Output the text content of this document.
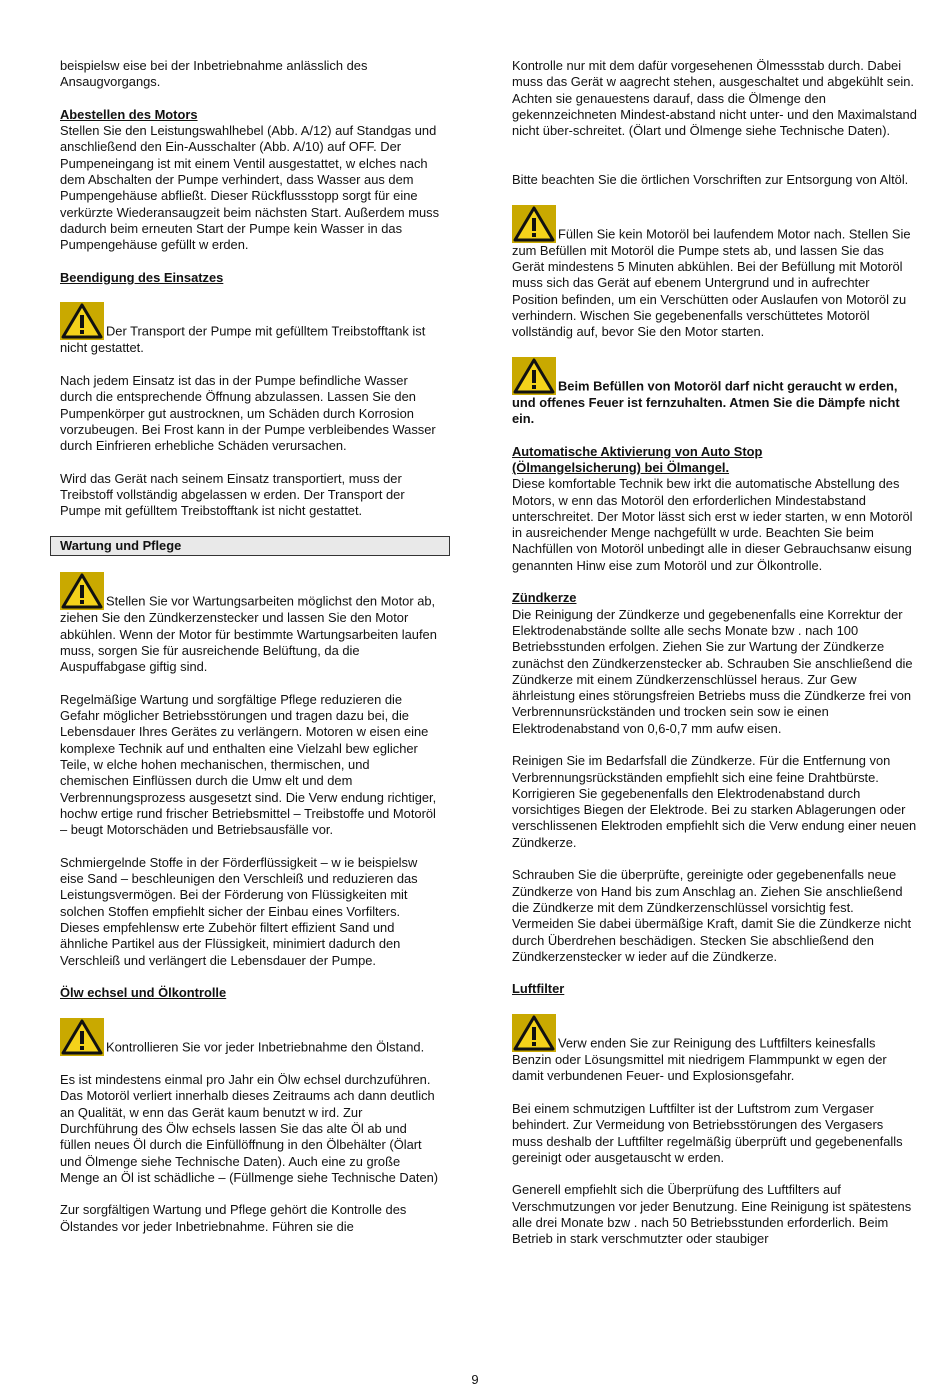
beispielsw eise bei der Inbetriebnahme anlässlich des Ansaugvorgangs.

Abestellen des Motors

Stellen Sie den Leistungswahlhebel (Abb. A/12) auf Standgas und anschließend den Ein-Ausschalter (Abb. A/10) auf OFF. Der Pumpeneingang ist mit einem Ventil ausgestattet, w elches nach dem Abschalten der Pumpe verhindert, dass Wasser aus dem Pumpengehäuse abfließt. Dieser Rückflussstopp sorgt für eine verkürzte Wiederansaugzeit beim nächsten Start. Außerdem muss dadurch beim erneuten Start der Pumpe kein Wasser in das Pumpengehäuse gefüllt w erden.

Beendigung des Einsatzes
Der Transport der Pumpe mit gefülltem Treibstofftank ist nicht gestattet.

Nach jedem Einsatz ist das in der Pumpe befindliche Wasser durch die entsprechende Öffnung abzulassen. Lassen Sie den Pumpenkörper gut austrocknen, um Schäden durch Korrosion vorzubeugen. Bei Frost kann in der Pumpe verbleibendes Wasser durch Einfrieren erhebliche Schäden verursachen.

Wird das Gerät nach seinem Einsatz transportiert, muss der Treibstoff vollständig abgelassen w erden. Der Transport der Pumpe mit gefülltem Treibstofftank ist nicht gestattet.

Wartung und Pflege
Stellen Sie vor Wartungsarbeiten möglichst den Motor ab, ziehen Sie den Zündkerzenstecker und lassen Sie den Motor abkühlen. Wenn der Motor für bestimmte Wartungsarbeiten laufen muss, sorgen Sie für ausreichende Belüftung, da die Auspuffabgase giftig sind.

Regelmäßige Wartung und sorgfältige Pflege reduzieren die Gefahr möglicher Betriebsstörungen und tragen dazu bei, die Lebensdauer Ihres Gerätes zu verlängern. Motoren w eisen eine komplexe Technik auf und enthalten eine Vielzahl bew eglicher Teile, w elche hohen mechanischen, thermischen, und chemischen Einflüssen durch die Umw elt und dem Verbrennungsprozess ausgesetzt sind. Die Verw endung richtiger, hochw ertige rund frischer Betriebsmittel – Treibstoffe und Motoröl – beugt Motorschäden und Betriebsausfälle vor.

Schmiergelnde Stoffe in der Förderflüssigkeit – w ie beispielsw eise Sand – beschleunigen den Verschleiß und reduzieren das Leistungsvermögen. Bei der Förderung von Flüssigkeiten mit solchen Stoffen empfiehlt sicher der Einbau eines Vorfilters. Dieses empfehlensw erte Zubehör filtert effizient Sand und ähnliche Partikel aus der Flüssigkeit, minimiert dadurch den Verschleiß und verlängert die Lebensdauer der Pumpe.

Ölw echsel und Ölkontrolle
Kontrollieren Sie vor jeder Inbetriebnahme den Ölstand.

Es ist mindestens einmal pro Jahr ein Ölw echsel durchzuführen. Das Motoröl verliert innerhalb dieses Zeitraums ach dann deutlich an Qualität, w enn das Gerät kaum benutzt w ird. Zur Durchführung des Ölw echsels lassen Sie das alte Öl ab und füllen neues Öl durch die Einfüllöffnung in den Ölbehälter (Ölart und Ölmenge siehe Technische Daten). Auch eine zu große Menge an Öl ist schädliche – (Füllmenge siehe Technische Daten)

Zur sorgfältigen Wartung und Pflege gehört die Kontrolle des Ölstandes vor jeder Inbetriebnahme. Führen sie die

Kontrolle nur mit dem dafür vorgesehenen Ölmessstab durch. Dabei muss das Gerät w aagrecht stehen, ausgeschaltet und abgekühlt sein. Achten sie genauestens darauf, dass die Ölmenge den gekennzeichneten Mindest-abstand nicht unter- und den Maximalstand nicht über-schreitet. (Ölart und Ölmenge siehe Technische Daten).

Bitte beachten Sie die örtlichen Vorschriften zur Entsorgung von Altöl.

Füllen Sie kein Motoröl bei laufendem Motor nach. Stellen Sie zum Befüllen mit Motoröl die Pumpe stets ab, und lassen Sie das Gerät mindestens 5 Minuten abkühlen. Bei der Befüllung mit Motoröl muss sich das Gerät auf ebenem Untergrund und in aufrechter Position befinden, um ein Verschütten oder Auslaufen von Motoröl zu verhindern. Wischen Sie gegebenenfalls verschüttetes Motoröl vollständig auf, bevor Sie den Motor starten.
Beim Befüllen von Motoröl darf nicht geraucht w erden, und offenes Feuer ist fernzuhalten. Atmen Sie die Dämpfe nicht ein.
Automatische Aktivierung von Auto Stop
(Ölmangelsicherung) bei Ölmangel.

Diese komfortable Technik bew irkt die automatische Abstellung des Motors, w enn das Motoröl den erforderlichen Mindestabstand unterschreitet. Der Motor lässt sich erst w ieder starten, w enn Motoröl in ausreichender Menge nachgefüllt w urde. Beachten Sie beim Nachfüllen von Motoröl unbedingt alle in dieser Gebrauchsanw eisung genannten Hinw eise zum Motoröl und zur Ölkontrolle.

Zündkerze

Die Reinigung der Zündkerze und gegebenenfalls eine Korrektur der Elektrodenabstände sollte alle sechs Monate bzw . nach 100 Betriebsstunden erfolgen. Ziehen Sie zur Wartung der Zündkerze zunächst den Zündkerzenstecker ab. Schrauben Sie anschließend die Zündkerze mit einem Zündkerzenschlüssel heraus. Zur Gew ährleistung eines störungsfreien Betriebs muss die Zündkerze frei von Verbrennunsrückständen und trocken sein sow ie einen Elektrodenabstand von 0,6-0,7 mm aufw eisen.

Reinigen Sie im Bedarfsfall die Zündkerze. Für die Entfernung von Verbrennungsrückständen empfiehlt sich eine feine Drahtbürste. Korrigieren Sie gegebenenfalls den Elektrodenabstand durch vorsichtiges Biegen der Elektrode. Bei zu starken Ablagerungen oder verschlissenen Elektroden empfiehlt sich die Verw endung einer neuen Zündkerze.

Schrauben Sie die überprüfte, gereinigte oder gegebenenfalls neue Zündkerze von Hand bis zum Anschlag an. Ziehen Sie anschließend die Zündkerze mit dem Zündkerzenschlüssel vorsichtig fest. Vermeiden Sie dabei übermäßige Kraft, damit Sie die Zündkerze nicht durch Überdrehen beschädigen. Stecken Sie abschließend den Zündkerzenstecker w ieder auf die Zündkerze.

Luftfilter
Verw enden Sie zur Reinigung des Luftfilters keinesfalls Benzin oder Lösungsmittel mit niedrigem Flammpunkt w egen der damit verbundenen Feuer- und Explosionsgefahr.

Bei einem schmutzigen Luftfilter ist der Luftstrom zum Vergaser behindert. Zur Vermeidung von Betriebsstörungen des Vergasers muss deshalb der Luftfilter regelmäßig überprüft und gegebenenfalls gereinigt oder ausgetauscht w erden.

Generell empfiehlt sich die Überprüfung des Luftfilters auf Verschmutzungen vor jeder Benutzung. Eine Reinigung ist spätestens alle drei Monate bzw . nach 50 Betriebsstunden erforderlich. Beim Betrieb in stark verschmutzter oder staubiger

9
